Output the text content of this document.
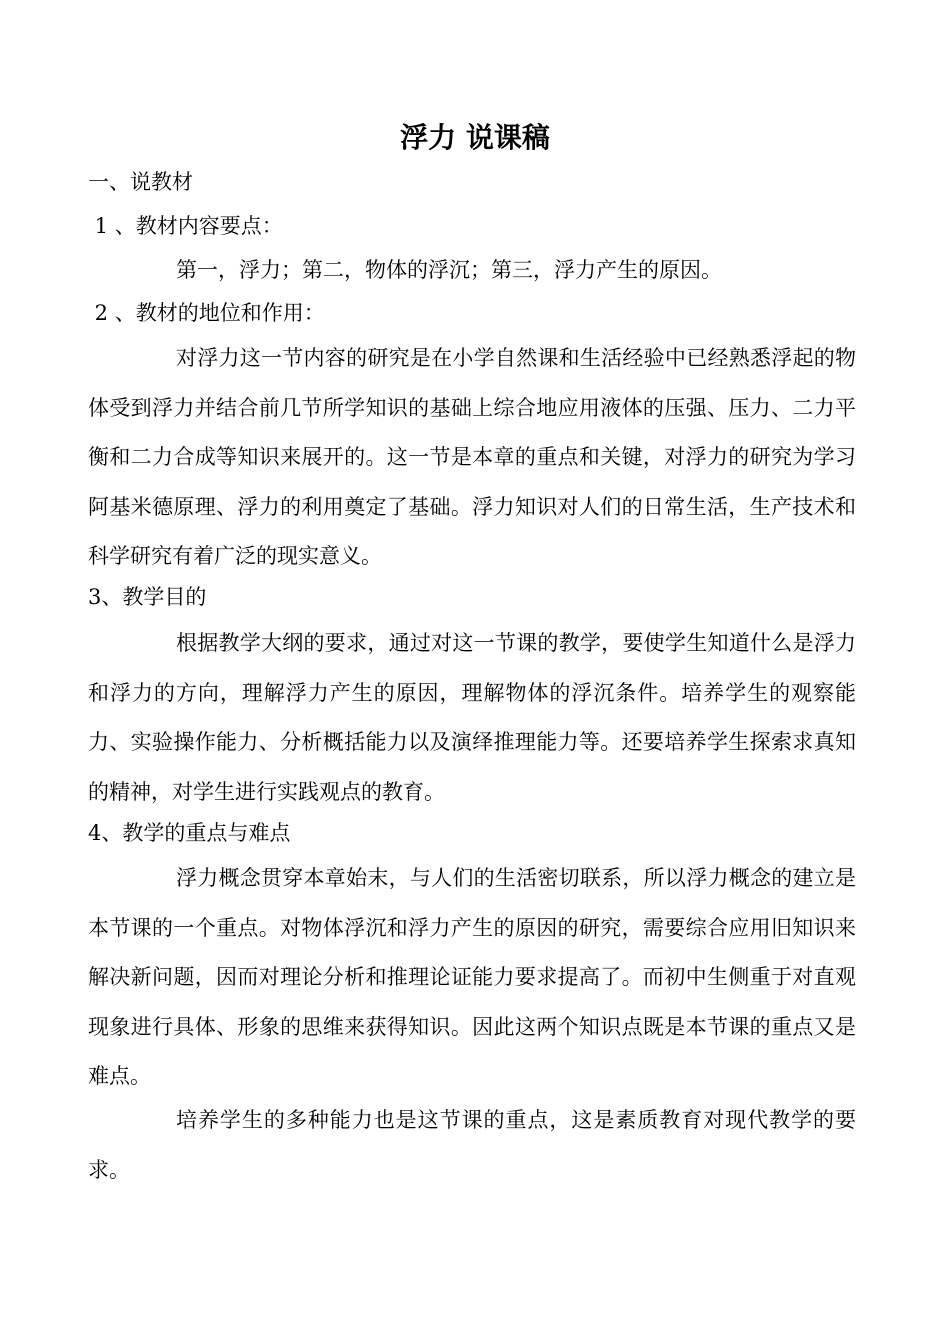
浮力 说课稿
一、说教材
1 、教材内容要点：
第一，浮力；第二，物体的浮沉；第三，浮力产生的原因。
2 、教材的地位和作用：
对浮力这一节内容的研究是在小学自然课和生活经验中已经熟悉浮起的物体受到浮力并结合前几节所学知识的基础上综合地应用液体的压强、压力、二力平衡和二力合成等知识来展开的。这一节是本章的重点和关键，对浮力的研究为学习阿基米德原理、浮力的利用奠定了基础。浮力知识对人们的日常生活，生产技术和科学研究有着广泛的现实意义。
3、教学目的
根据教学大纲的要求，通过对这一节课的教学，要使学生知道什么是浮力和浮力的方向，理解浮力产生的原因，理解物体的浮沉条件。培养学生的观察能力、实验操作能力、分析概括能力以及演绎推理能力等。还要培养学生探索求真知的精神，对学生进行实践观点的教育。
4、教学的重点与难点
浮力概念贯穿本章始末，与人们的生活密切联系，所以浮力概念的建立是本节课的一个重点。对物体浮沉和浮力产生的原因的研究，需要综合应用旧知识来解决新问题，因而对理论分析和推理论证能力要求提高了。而初中生侧重于对直观现象进行具体、形象的思维来获得知识。因此这两个知识点既是本节课的重点又是难点。
培养学生的多种能力也是这节课的重点，这是素质教育对现代教学的要求。
